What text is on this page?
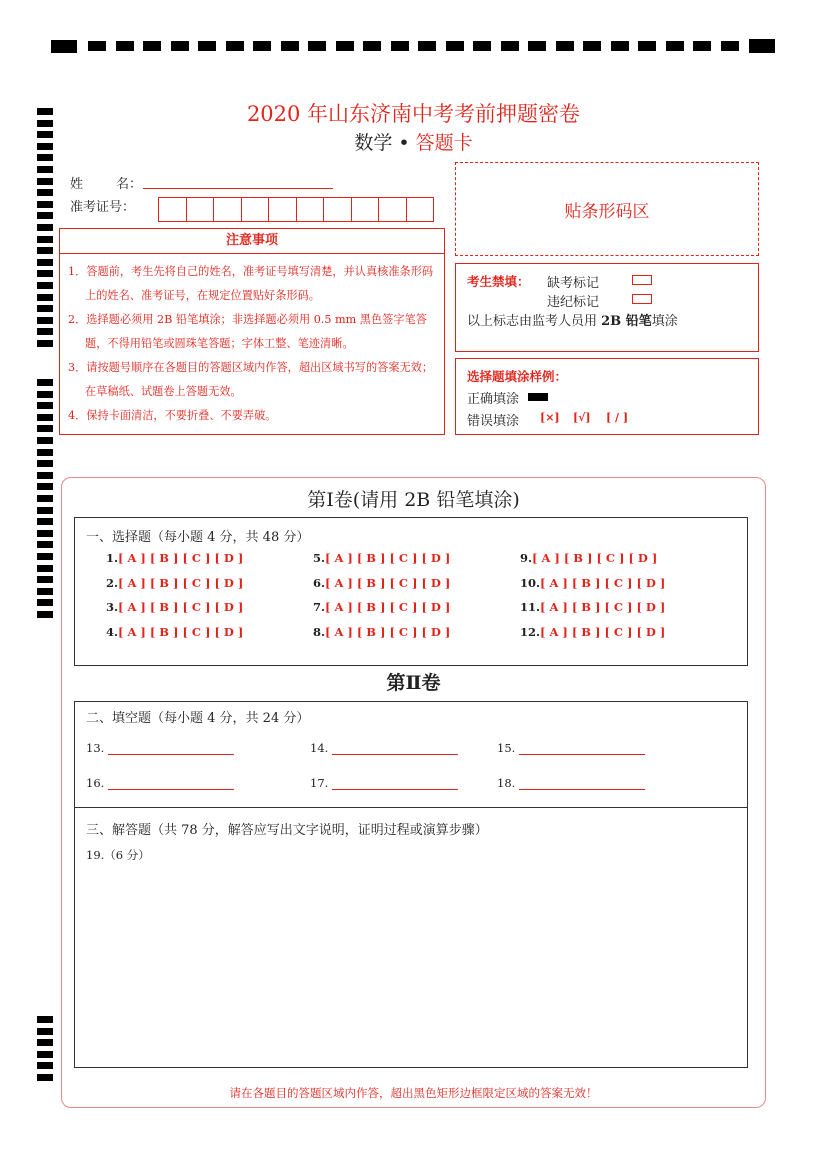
2020 年山东济南中考考前押题密卷
数学 • 答题卡
姓        名：
准考证号：	贴条形码区
注意事项
1．答题前，考生先将自己的姓名，准考证号填写清楚，并认真核准条形码上的姓名、准考证号，在规定位置贴好条形码。
2．选择题必须用 2B 铅笔填涂；非选择题必须用 0.5 mm 黑色签字笔答题，不得用铅笔或圆珠笔答题；字体工整、笔迹清晰。
3．请按题号顺序在各题目的答题区域内作答，超出区域书写的答案无效；在草稿纸、试题卷上答题无效。
4．保持卡面清洁，不要折叠、不要弄破。
考生禁填： 缺考标记
违纪标记
以上标志由监考人员用 2B 铅笔填涂
选择题填涂样例：
正确填涂
错误填涂 [×] [√] [ / ]
第Ⅰ卷(请用 2B 铅笔填涂)
一、选择题（每小题 4 分，共 48 分）
1.[ A ] [ B ] [ C ] [ D ]
2.[ A ] [ B ] [ C ] [ D ]
3.[ A ] [ B ] [ C ] [ D ]
4.[ A ] [ B ] [ C ] [ D ]
5.[ A ] [ B ] [ C ] [ D ]
6.[ A ] [ B ] [ C ] [ D ]
7.[ A ] [ B ] [ C ] [ D ]
8.[ A ] [ B ] [ C ] [ D ]
9.[ A ] [ B ] [ C ] [ D ]
10.[ A ] [ B ] [ C ] [ D ]
11.[ A ] [ B ] [ C ] [ D ]
12.[ A ] [ B ] [ C ] [ D ]
第Ⅱ卷
二、填空题（每小题 4 分，共 24 分）
13.	14.	15.
16.	17.	18.
三、解答题（共 78 分，解答应写出文字说明，证明过程或演算步骤）
19.（6 分）
请在各题目的答题区域内作答，超出黑色矩形边框限定区域的答案无效！
